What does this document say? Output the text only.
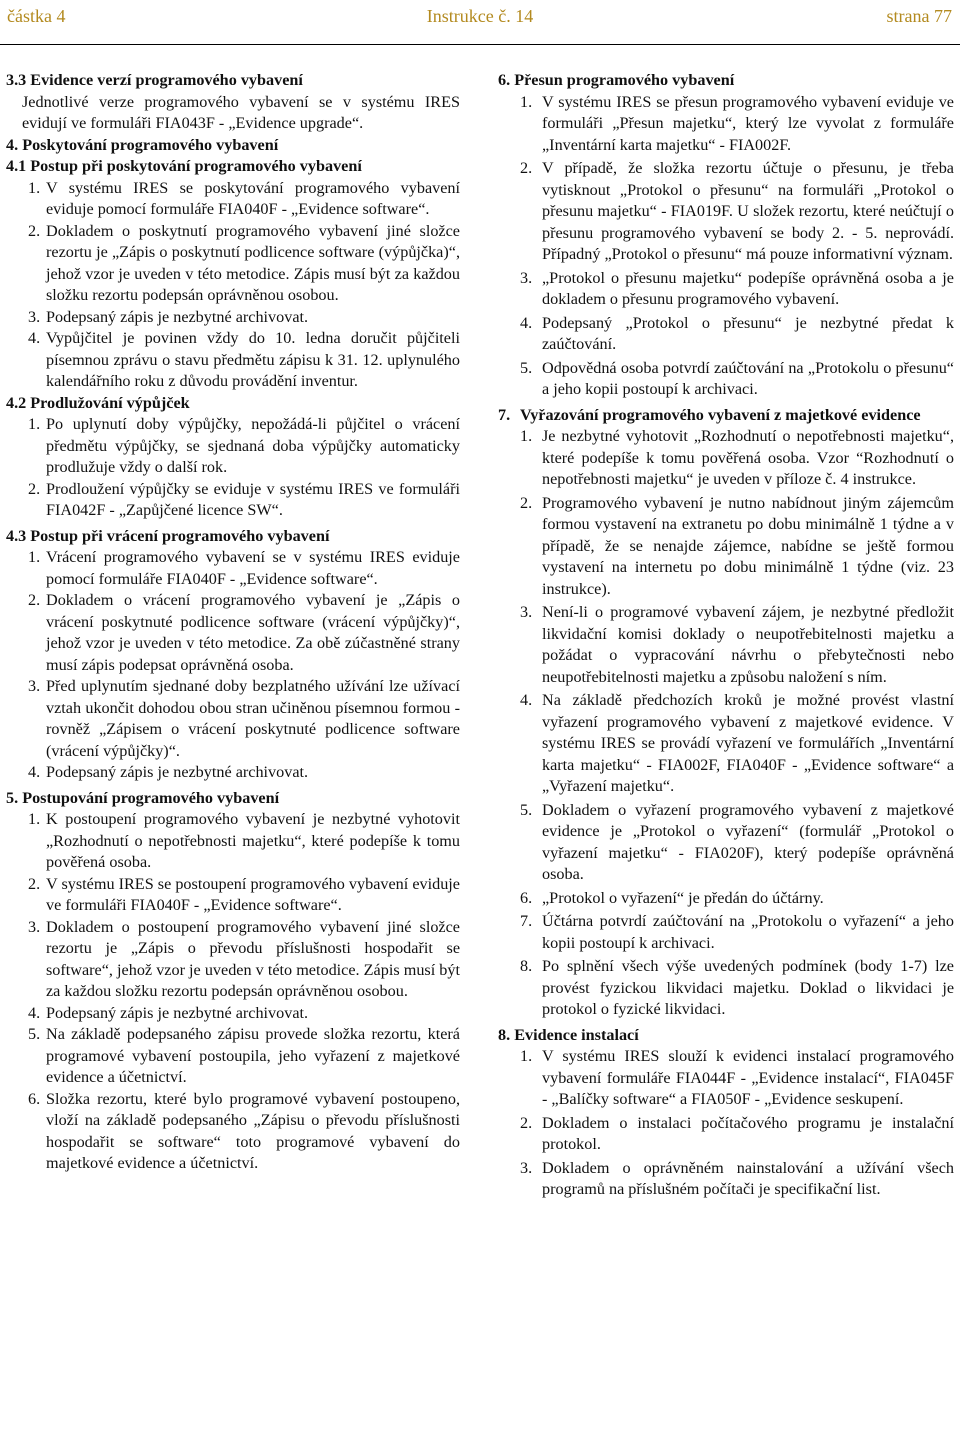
částka 4	Instrukce č. 14	strana 77

3.3 Evidence verzí programového vybavení

Jednotlivé verze programového vybavení se v systému IRES evidují ve formuláři FIA043F - „Evidence upgrade“.

4. Poskytování programového vybavení

4.1 Postup při poskytování programového vybavení

1. V systému IRES se poskytování programového vybavení eviduje pomocí formuláře FIA040F - „Evidence software“.
2. Dokladem o poskytnutí programového vybavení jiné složce rezortu je „Zápis o poskytnutí podlicence software (výpůjčka)“, jehož vzor je uveden v této metodice. Zápis musí být za každou složku rezortu podepsán oprávněnou osobou.
3. Podepsaný zápis je nezbytné archivovat.
4. Vypůjčitel je povinen vždy do 10. ledna doručit půjčiteli písemnou zprávu o stavu předmětu zápisu k 31. 12. uplynulého kalendářního roku z důvodu provádění inventur.

4.2 Prodlužování výpůjček

1. Po uplynutí doby výpůjčky, nepožádá-li půjčitel o vrácení předmětu výpůjčky, se sjednaná doba výpůjčky automaticky prodlužuje vždy o další rok.
2. Prodloužení výpůjčky se eviduje v systému IRES ve formuláři FIA042F - „Zapůjčené licence SW“.

4.3 Postup při vrácení programového vybavení

1. Vrácení programového vybavení se v systému IRES eviduje pomocí formuláře FIA040F - „Evidence software“.
2. Dokladem o vrácení programového vybavení je „Zápis o vrácení poskytnuté podlicence software (vrácení výpůjčky)“, jehož vzor je uveden v této metodice. Za obě zúčastněné strany musí zápis podepsat oprávněná osoba.
3. Před uplynutím sjednané doby bezplatného užívání lze užívací vztah ukončit dohodou obou stran učiněnou písemnou formou - rovněž „Zápisem o vrácení poskytnuté podlicence software (vrácení výpůjčky)“.
4. Podepsaný zápis je nezbytné archivovat.

5. Postupování programového vybavení

1. K postoupení programového vybavení je nezbytné vyhotovit „Rozhodnutí o nepotřebnosti majetku“, které podepíše k tomu pověřená osoba.
2. V systému IRES se postoupení programového vybavení eviduje ve formuláři FIA040F - „Evidence software“.
3. Dokladem o postoupení programového vybavení jiné složce rezortu je „Zápis o převodu příslušnosti hospodařit se software“, jehož vzor je uveden v této metodice. Zápis musí být za každou složku rezortu podepsán oprávněnou osobou.
4. Podepsaný zápis je nezbytné archivovat.
5. Na základě podepsaného zápisu provede složka rezortu, která programové vybavení postoupila, jeho vyřazení z majetkové evidence a účetnictví.
6. Složka rezortu, které bylo programové vybavení postoupeno, vloží na základě podepsaného „Zápisu o převodu příslušnosti hospodařit se software“ toto programové vybavení do majetkové evidence a účetnictví.

6. Přesun programového vybavení

1. V systému IRES se přesun programového vybavení eviduje ve formuláři „Přesun majetku“, který lze vyvolat z formuláře „Inventární karta majetku“ - FIA002F.
2. V případě, že složka rezortu účtuje o přesunu, je třeba vytisknout „Protokol o přesunu“ na formuláři „Protokol o přesunu majetku“ - FIA019F. U složek rezortu, které neúčtují o přesunu programového vybavení se body 2. - 5. neprovádí. Případný „Protokol o přesunu“ má pouze informativní význam.
3. „Protokol o přesunu majetku“ podepíše oprávněná osoba a je dokladem o přesunu programového vybavení.
4. Podepsaný „Protokol o přesunu“ je nezbytné předat k zaúčtování.
5. Odpovědná osoba potvrdí zaúčtování na „Protokolu o přesunu“ a jeho kopii postoupí k archivaci.

7. Vyřazování programového vybavení z majetkové evidence

1. Je nezbytné vyhotovit „Rozhodnutí o nepotřebnosti majetku“, které podepíše k tomu pověřená osoba. Vzor “Rozhodnutí o nepotřebnosti majetku“ je uveden v příloze č. 4 instrukce.
2. Programového vybavení je nutno nabídnout jiným zájemcům formou vystavení na extranetu po dobu minimálně 1 týdne a v případě, že se nenajde zájemce, nabídne se ještě formou vystavení na internetu po dobu minimálně 1 týdne (viz. 23 instrukce).
3. Není-li o programové vybavení zájem, je nezbytné předložit likvidační komisi doklady o neupotřebitelnosti majetku a požádat o vypracování návrhu o přebytečnosti nebo neupotřebitelnosti majetku a způsobu naložení s ním.
4. Na základě předchozích kroků je možné provést vlastní vyřazení programového vybavení z majetkové evidence. V systému IRES se provádí vyřazení ve formulářích „Inventární karta majetku“ - FIA002F, FIA040F - „Evidence software“ a „Vyřazení majetku“.
5. Dokladem o vyřazení programového vybavení z majetkové evidence je „Protokol o vyřazení“ (formulář „Protokol o vyřazení majetku“ - FIA020F), který podepíše oprávněná osoba.
6. „Protokol o vyřazení“ je předán do účtárny.
7. Účtárna potvrdí zaúčtování na „Protokolu o vyřazení“ a jeho kopii postoupí k archivaci.
8. Po splnění všech výše uvedených podmínek (body 1-7) lze provést fyzickou likvidaci majetku. Doklad o likvidaci je protokol o fyzické likvidaci.

8. Evidence instalací

1. V systému IRES slouží k evidenci instalací programového vybavení formuláře FIA044F - „Evidence instalací“, FIA045F - „Balíčky software“ a FIA050F - „Evidence seskupení.
2. Dokladem o instalaci počítačového programu je instalační protokol.
3. Dokladem o oprávněném nainstalování a užívání všech programů na příslušném počítači je specifikační list.
